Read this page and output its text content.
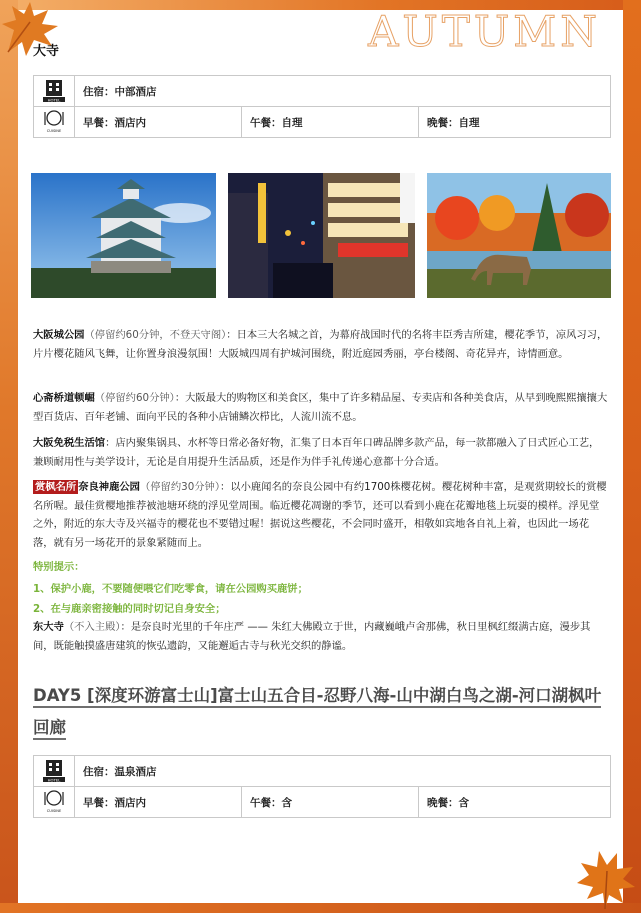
AUTUMN
大寺
HOTEL	住宿：中部酒店		

CUISINE	早餐：酒店内	午餐：自理	晚餐：自理
大阪城公园（停留约60分钟，不登天守阁）：日本三大名城之首，为幕府战国时代的名将丰臣秀吉所建，樱花季节，凉风习习，片片樱花随风飞舞，让你置身浪漫氛围！大阪城四周有护城河围绕，附近庭园秀丽，亭台楼阁、奇花异卉，诗情画意。
心斋桥道顿崛（停留约60分钟）：大阪最大的购物区和美食区，集中了许多精品屋、专卖店和各种美食店，从早到晚熙熙攘攘大型百货店、百年老铺、面向平民的各种小店铺鳞次栉比，人流川流不息。
大阪免税生活馆：店内聚集锅具、水杯等日常必备好物，汇集了日本百年口碑品牌多款产品，每一款都融入了日式匠心工艺，兼顾耐用性与美学设计，无论是自用提升生活品质，还是作为伴手礼传递心意都十分合适。
赏枫名所 奈良神鹿公园（停留约30分钟）：以小鹿闻名的奈良公园中有约1700株樱花树。樱花树种丰富，是观赏期较长的赏樱名所喔。最佳赏樱地推荐被池塘环绕的浮见堂周围。临近樱花凋谢的季节，还可以看到小鹿在花瓣地毯上玩耍的模样。浮见堂之外，附近的东大寺及兴福寺的樱花也不要错过喔！据说这些樱花，不会同时盛开，相敬如宾地各自礼上着，也因此一场花落，就有另一场花开的景象紧随而上。
特别提示：
1、保护小鹿，不要随便喂它们吃零食，请在公园购买鹿饼；
2、在与鹿亲密接触的同时切记自身安全；
东大寺（不入主殿）：是奈良时光里的千年庄严 —— 朱红大佛殿立于世，内藏巍峨卢舍那佛，秋日里枫红缀满古庭，漫步其间，既能触摸盛唐建筑的恢弘遗韵，又能邂逅古寺与秋光交织的静谧。
DAY5 [深度环游富士山]富士山五合目-忍野八海-山中湖白鸟之湖-河口湖枫叶
回廊
HOTEL	住宿：温泉酒店		

CUISINE	早餐：酒店内	午餐：含	晚餐：含
